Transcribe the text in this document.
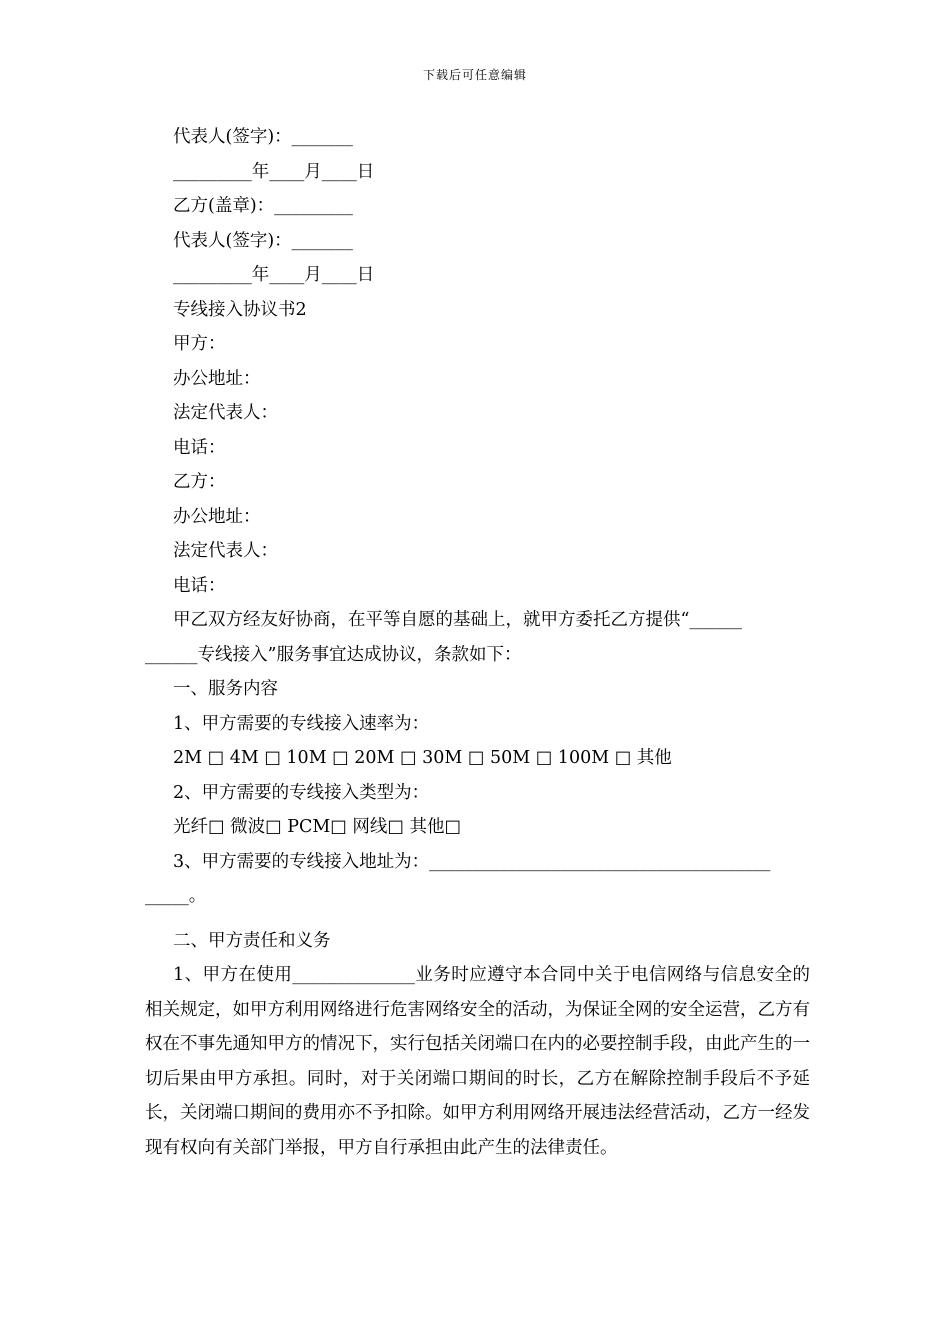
下载后可任意编辑
代表人(签字)：_______
_________年____月____日
乙方(盖章)：_________
代表人(签字)：_______
_________年____月____日
专线接入协议书2
甲方：
办公地址：
法定代表人：
电话：
乙方：
办公地址：
法定代表人：
电话：
甲乙双方经友好协商，在平等自愿的基础上，就甲方委托乙方提供“______
______专线接入”服务事宜达成协议，条款如下：
一、服务内容
1、甲方需要的专线接入速率为：
2M □ 4M □ 10M □ 20M □ 30M □ 50M □ 100M □ 其他
2、甲方需要的专线接入类型为：
光纤□ 微波□ PCM□ 网线□ 其他□
3、甲方需要的专线接入地址为：_______________________________________
_____。
二、甲方责任和义务
1、甲方在使用______________业务时应遵守本合同中关于电信网络与信息安全的相关规定，如甲方利用网络进行危害网络安全的活动，为保证全网的安全运营，乙方有权在不事先通知甲方的情况下，实行包括关闭端口在内的必要控制手段，由此产生的一切后果由甲方承担。同时，对于关闭端口期间的时长，乙方在解除控制手段后不予延长，关闭端口期间的费用亦不予扣除。如甲方利用网络开展违法经营活动，乙方一经发现有权向有关部门举报，甲方自行承担由此产生的法律责任。
